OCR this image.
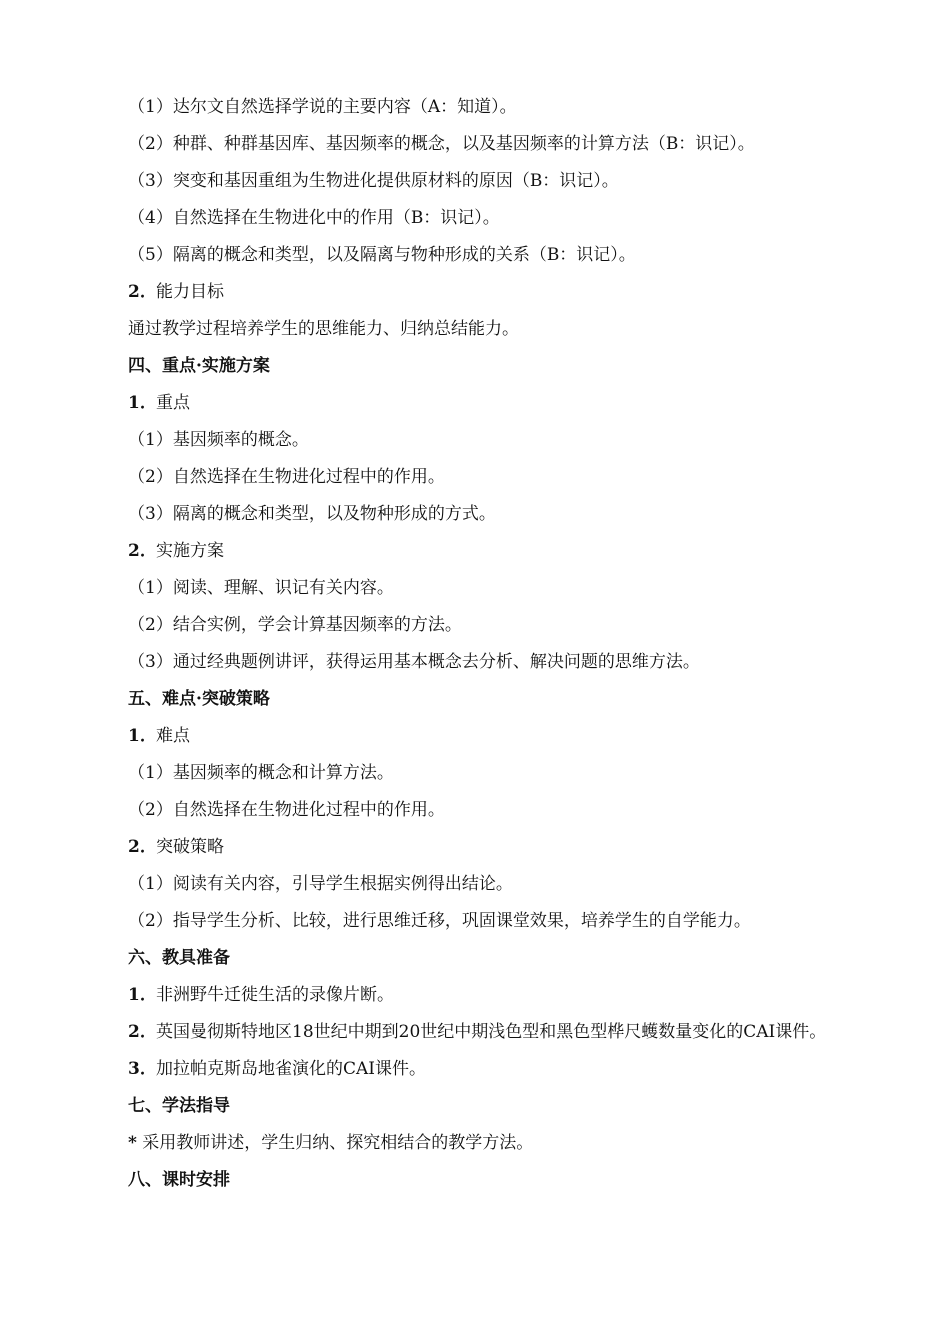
（1）达尔文自然选择学说的主要内容（A：知道）。
（2）种群、种群基因库、基因频率的概念，以及基因频率的计算方法（B：识记）。
（3）突变和基因重组为生物进化提供原材料的原因（B：识记）。
（4）自然选择在生物进化中的作用（B：识记）。
（5）隔离的概念和类型，以及隔离与物种形成的关系（B：识记）。
2．能力目标
通过教学过程培养学生的思维能力、归纳总结能力。
四、重点·实施方案
1．重点
（1）基因频率的概念。
（2）自然选择在生物进化过程中的作用。
（3）隔离的概念和类型，以及物种形成的方式。
2．实施方案
（1）阅读、理解、识记有关内容。
（2）结合实例，学会计算基因频率的方法。
（3）通过经典题例讲评，获得运用基本概念去分析、解决问题的思维方法。
五、难点·突破策略
1．难点
（1）基因频率的概念和计算方法。
（2）自然选择在生物进化过程中的作用。
2．突破策略
（1）阅读有关内容，引导学生根据实例得出结论。
（2）指导学生分析、比较，进行思维迁移，巩固课堂效果，培养学生的自学能力。
六、教具准备
1． 非洲野牛迁徙生活的录像片断。
2． 英国曼彻斯特地区18世纪中期到20世纪中期浅色型和黑色型桦尺蠖数量变化的CAI课件。
3． 加拉帕克斯岛地雀演化的CAI课件。
七、学法指导
* 采用教师讲述，学生归纳、探究相结合的教学方法。
八、课时安排
